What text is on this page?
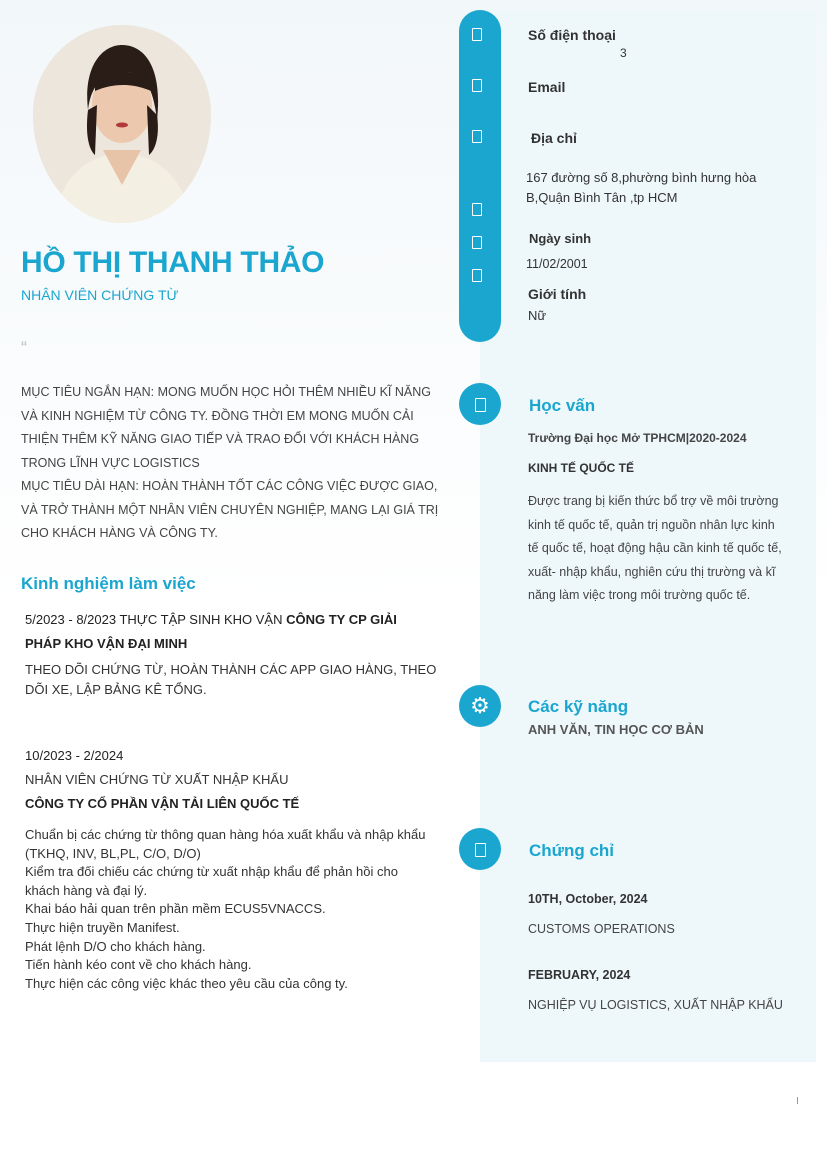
HỒ THỊ THANH THẢO
NHÂN VIÊN CHỨNG TỪ
“
MỤC TIÊU NGẮN HẠN: MONG MUỐN HỌC HỎI THÊM NHIỀU KĨ NĂNG VÀ KINH NGHIỆM TỪ CÔNG TY. ĐỒNG THỜI EM MONG MUỐN CẢI THIỆN THÊM KỸ NĂNG GIAO TIẾP VÀ TRAO ĐỔI VỚI KHÁCH HÀNG TRONG LĨNH VỰC LOGISTICS
MỤC TIÊU DÀI HẠN: HOÀN THÀNH TỐT CÁC CÔNG VIỆC ĐƯỢC GIAO, VÀ TRỞ THÀNH MỘT NHÂN VIÊN CHUYÊN NGHIỆP, MANG LẠI GIÁ TRỊ CHO KHÁCH HÀNG VÀ CÔNG TY.
Kinh nghiệm làm việc
5/2023 - 8/2023 THỰC TẬP SINH KHO VẬN CÔNG TY CP GIẢI
PHÁP KHO VẬN ĐẠI MINH
THEO DÕI CHỨNG TỪ, HOÀN THÀNH CÁC APP GIAO HÀNG, THEO
DÕI XE, LẬP BẢNG KÊ TỔNG.
10/2023 - 2/2024
NHÂN VIÊN CHỨNG TỪ XUẤT NHẬP KHẨU
CÔNG TY CỔ PHẦN VẬN TẢI LIÊN QUỐC TẾ
Chuẩn bị các chứng từ thông quan hàng hóa xuất khẩu và nhập khẩu
(TKHQ, INV, BL,PL, C/O, D/O)
Kiểm tra đối chiếu các chứng từ xuất nhập khẩu để phản hồi cho
khách hàng và đại lý.
Khai báo hải quan trên phần mềm ECUS5VNACCS.
Thực hiện truyền Manifest.
Phát lệnh D/O cho khách hàng.
Tiến hành kéo cont về cho khách hàng.
Thực hiện các công việc khác theo yêu cầu của công ty.
Số điện thoại
3
Email
Địa chỉ
167 đường số 8,phường bình hưng hòa
B,Quận Bình Tân ,tp HCM
Ngày sinh
11/02/2001
Giới tính
Nữ
Học vấn
Trường Đại học Mở TPHCM|2020-2024
KINH TẾ QUỐC TẾ
Được trang bị kiến thức bổ trợ về môi trường
kinh tế quốc tế, quản trị nguồn nhân lực kinh
tế quốc tế, hoạt động hậu cần kinh tế quốc tế,
xuất- nhập khẩu, nghiên cứu thị trường và kĩ
năng làm việc trong môi trường quốc tế.
⚙	Các kỹ năng
ANH VĂN, TIN HỌC CƠ BẢN
Chứng chỉ
10TH, October, 2024
CUSTOMS OPERATIONS
FEBRUARY, 2024
NGHIỆP VỤ LOGISTICS, XUẤT NHẬP KHẨU
